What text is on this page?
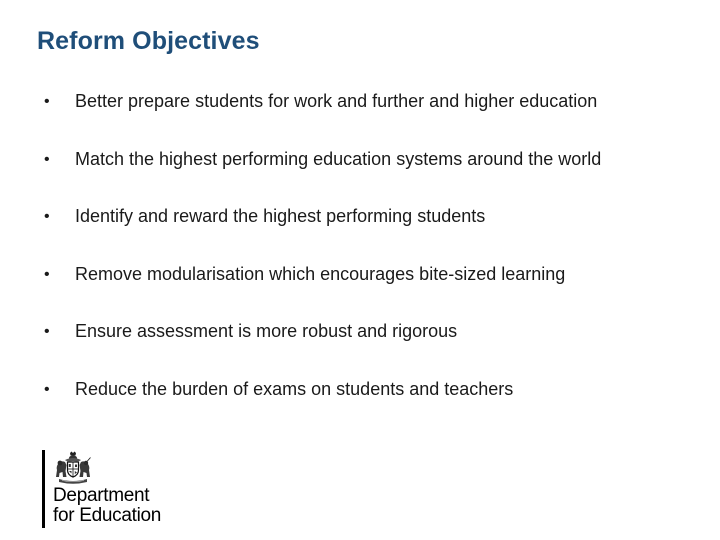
Reform Objectives
• Better prepare students for work and further and higher education
• Match the highest performing education systems around the world
• Identify and reward the highest performing students
• Remove modularisation which encourages bite-sized learning
• Ensure assessment is more robust and rigorous
• Reduce the burden of exams on students and teachers

Department
for Education
